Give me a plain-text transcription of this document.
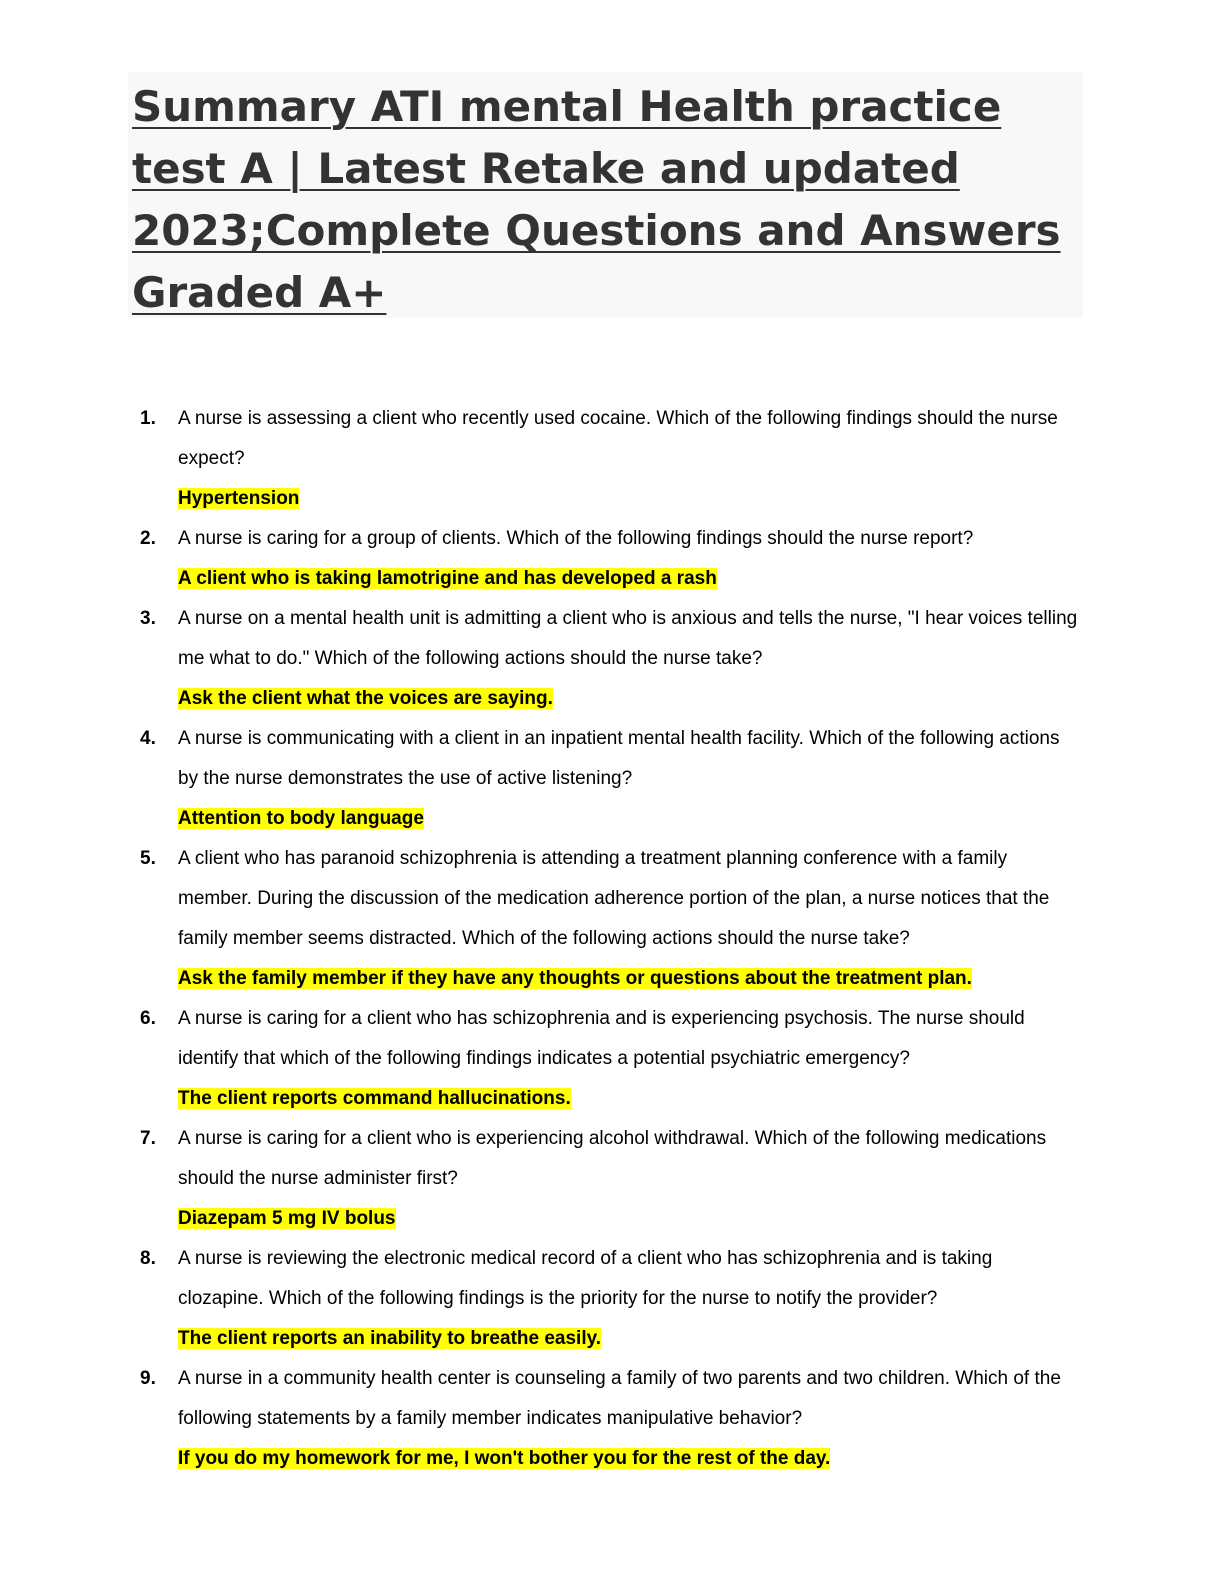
Summary ATI mental Health practice test A | Latest Retake and updated 2023;Complete Questions and Answers Graded A+
1. A nurse is assessing a client who recently used cocaine. Which of the following findings should the nurse expect?
Hypertension
2. A nurse is caring for a group of clients. Which of the following findings should the nurse report?
A client who is taking lamotrigine and has developed a rash
3. A nurse on a mental health unit is admitting a client who is anxious and tells the nurse, "I hear voices telling me what to do." Which of the following actions should the nurse take?
Ask the client what the voices are saying.
4. A nurse is communicating with a client in an inpatient mental health facility. Which of the following actions by the nurse demonstrates the use of active listening?
Attention to body language
5. A client who has paranoid schizophrenia is attending a treatment planning conference with a family member. During the discussion of the medication adherence portion of the plan, a nurse notices that the family member seems distracted. Which of the following actions should the nurse take?
Ask the family member if they have any thoughts or questions about the treatment plan.
6. A nurse is caring for a client who has schizophrenia and is experiencing psychosis. The nurse should identify that which of the following findings indicates a potential psychiatric emergency?
The client reports command hallucinations.
7. A nurse is caring for a client who is experiencing alcohol withdrawal. Which of the following medications should the nurse administer first?
Diazepam 5 mg IV bolus
8. A nurse is reviewing the electronic medical record of a client who has schizophrenia and is taking clozapine. Which of the following findings is the priority for the nurse to notify the provider?
The client reports an inability to breathe easily.
9. A nurse in a community health center is counseling a family of two parents and two children. Which of the following statements by a family member indicates manipulative behavior?
If you do my homework for me, I won't bother you for the rest of the day.
